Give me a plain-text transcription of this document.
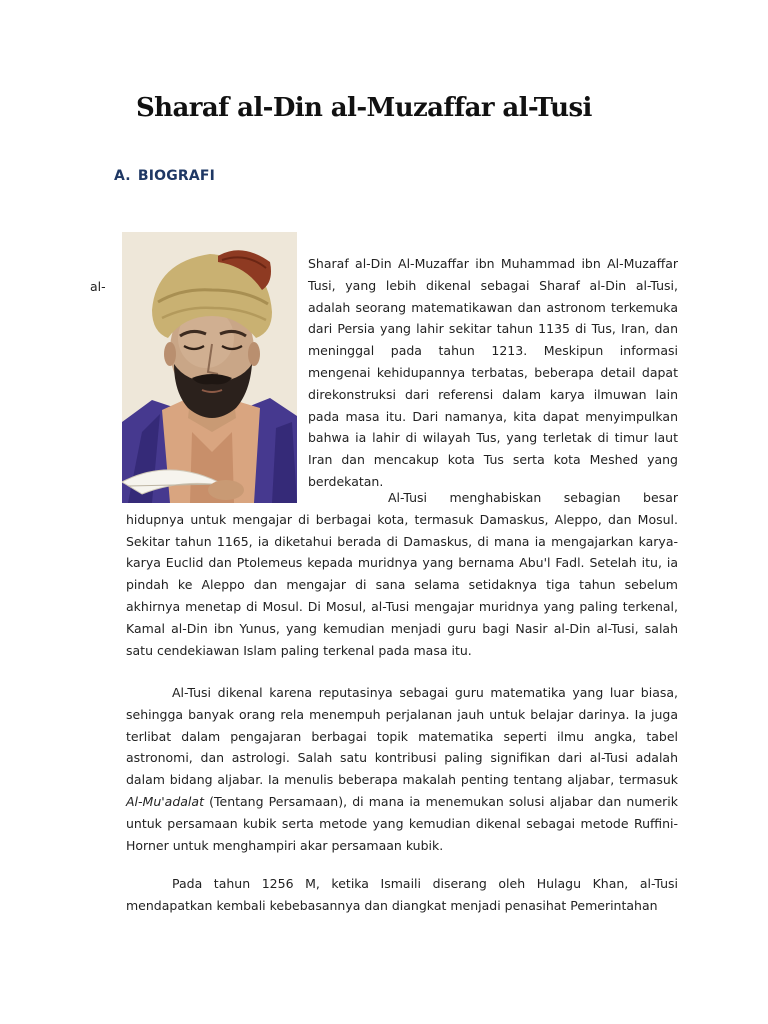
Sharaf al-Din al-Muzaffar al-Tusi
A. BIOGRAFI
al-

Sharaf al-Din Al-Muzaffar ibn Muhammad ibn Al-Muzaffar Tusi, yang lebih dikenal sebagai Sharaf al-Din al-Tusi, adalah seorang matematikawan dan astronom terkemuka dari Persia yang lahir sekitar tahun 1135 di Tus, Iran, dan meninggal pada tahun 1213. Meskipun informasi mengenai kehidupannya terbatas, beberapa detail dapat direkonstruksi dari referensi dalam karya ilmuwan lain pada masa itu. Dari namanya, kita dapat menyimpulkan bahwa ia lahir di wilayah Tus, yang terletak di timur laut Iran dan mencakup kota Tus serta kota Meshed yang berdekatan.

Al-Tusi menghabiskan sebagian besar hidupnya untuk mengajar di berbagai kota, termasuk Damaskus, Aleppo, dan Mosul. Sekitar tahun 1165, ia diketahui berada di Damaskus, di mana ia mengajarkan karya-karya Euclid dan Ptolemeus kepada muridnya yang bernama Abu'l Fadl. Setelah itu, ia pindah ke Aleppo dan mengajar di sana selama setidaknya tiga tahun sebelum akhirnya menetap di Mosul. Di Mosul, al-Tusi mengajar muridnya yang paling terkenal, Kamal al-Din ibn Yunus, yang kemudian menjadi guru bagi Nasir al-Din al-Tusi, salah satu cendekiawan Islam paling terkenal pada masa itu.

Al-Tusi dikenal karena reputasinya sebagai guru matematika yang luar biasa, sehingga banyak orang rela menempuh perjalanan jauh untuk belajar darinya. Ia juga terlibat dalam pengajaran berbagai topik matematika seperti ilmu angka, tabel astronomi, dan astrologi. Salah satu kontribusi paling signifikan dari al-Tusi adalah dalam bidang aljabar. Ia menulis beberapa makalah penting tentang aljabar, termasuk Al-Mu'adalat (Tentang Persamaan), di mana ia menemukan solusi aljabar dan numerik untuk persamaan kubik serta metode yang kemudian dikenal sebagai metode Ruffini-Horner untuk menghampiri akar persamaan kubik.

Pada tahun 1256 M, ketika Ismaili diserang oleh Hulagu Khan, al-Tusi mendapatkan kembali kebebasannya dan diangkat menjadi penasihat Pemerintahan
